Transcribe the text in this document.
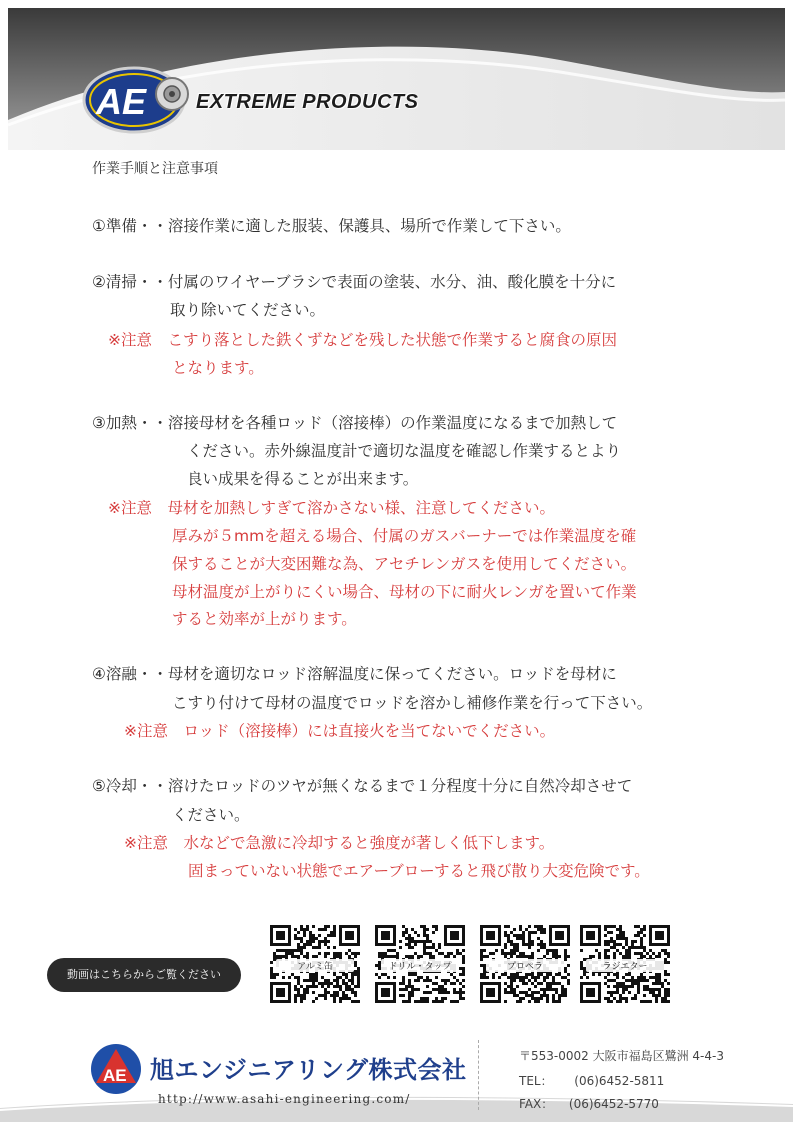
AE EXTREME PRODUCTS
作業手順と注意事項
①準備・・溶接作業に適した服装、保護具、場所で作業して下さい。
②清掃・・付属のワイヤーブラシで表面の塗装、水分、油、酸化膜を十分に
取り除いてください。
※注意　こすり落とした鉄くずなどを残した状態で作業すると腐食の原因
となります。
③加熱・・溶接母材を各種ロッド（溶接棒）の作業温度になるまで加熱して
ください。赤外線温度計で適切な温度を確認し作業するとより
良い成果を得ることが出来ます。
※注意　母材を加熱しすぎて溶かさない様、注意してください。
厚みが５mmを超える場合、付属のガスバーナーでは作業温度を確
保することが大変困難な為、アセチレンガスを使用してください。
母材温度が上がりにくい場合、母材の下に耐火レンガを置いて作業
すると効率が上がります。
④溶融・・母材を適切なロッド溶解温度に保ってください。ロッドを母材に
こすり付けて母材の温度でロッドを溶かし補修作業を行って下さい。
※注意　ロッド（溶接棒）には直接火を当てないでください。
⑤冷却・・溶けたロッドのツヤが無くなるまで１分程度十分に自然冷却させて
ください。
※注意　水などで急激に冷却すると強度が著しく低下します。
固まっていない状態でエアーブローすると飛び散り大変危険です。
動画はこちらからご覧ください
アルミ缶	ドリル・タップ	プロペラ	ラジエター
AE 旭エンジニアリング株式会社
http://www.asahi-engineering.com/
〒553-0002 大阪市福島区鷺洲 4-4-3
TEL： (06)6452-5811
FAX： (06)6452-5770
